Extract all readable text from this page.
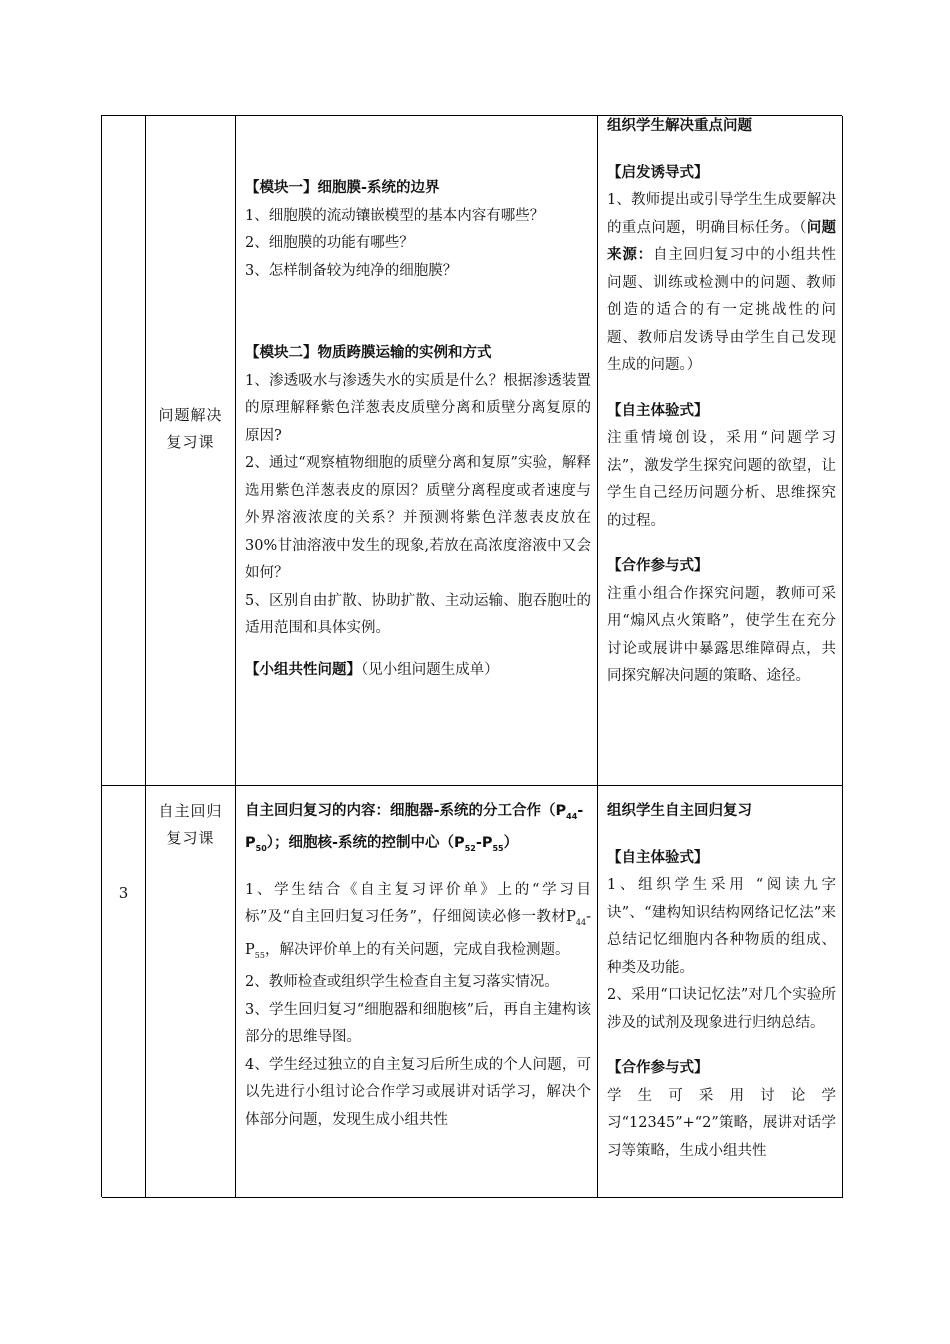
问题解决
复习课

【模块一】细胞膜-系统的边界

1、细胞膜的流动镶嵌模型的基本内容有哪些？

2、细胞膜的功能有哪些？

3、怎样制备较为纯净的细胞膜？

【模块二】物质跨膜运输的实例和方式

1、渗透吸水与渗透失水的实质是什么？根据渗透装置的原理解释紫色洋葱表皮质壁分离和质壁分离复原的原因?

2、通过“观察植物细胞的质壁分离和复原”实验，解释选用紫色洋葱表皮的原因？质壁分离程度或者速度与外界溶液浓度的关系？并预测将紫色洋葱表皮放在30%甘油溶液中发生的现象,若放在高浓度溶液中又会如何？

5、区别自由扩散、协助扩散、主动运输、胞吞胞吐的适用范围和具体实例。

【小组共性问题】（见小组问题生成单）

组织学生解决重点问题

【启发诱导式】

1、教师提出或引导学生生成要解决的重点问题，明确目标任务。（问题来源：自主回归复习中的小组共性问题、训练或检测中的问题、教师创造的适合的有一定挑战性的问题、教师启发诱导由学生自己发现生成的问题。）

【自主体验式】

注重情境创设，采用“问题学习法”，激发学生探究问题的欲望，让学生自己经历问题分析、思维探究的过程。

【合作参与式】

注重小组合作探究问题，教师可采用“煽风点火策略”，使学生在充分讨论或展讲中暴露思维障碍点，共同探究解决问题的策略、途径。

3
自主回归
复习课

自主回归复习的内容：细胞器-系统的分工合作$(P_{44}-P_{50})$；细胞核-系统的控制中心$(P_{52}-P_{55})$

1、学生结合《自主复习评价单》上的“学习目标”及“自主回归复习任务”，仔细阅读必修一教材$P_{44}-P_{55}$，解决评价单上的有关问题，完成自我检测题。

2、教师检查或组织学生检查自主复习落实情况。

3、学生回归复习“细胞器和细胞核”后，再自主建构该部分的思维导图。

4、学生经过独立的自主复习后所生成的个人问题，可以先进行小组讨论合作学习或展讲对话学习，解决个体部分问题，发现生成小组共性

组织学生自主回归复习

【自主体验式】

1、组织学生采用 “阅读九字诀”、“建构知识结构网络记忆法”来总结记忆细胞内各种物质的组成、种类及功能。

2、采用“口诀记忆法”对几个实验所涉及的试剂及现象进行归纳总结。

【合作参与式】

学 生 可 采 用 讨 论 学 习“12345”+“2”策略，展讲对话学习等策略，生成小组共性
